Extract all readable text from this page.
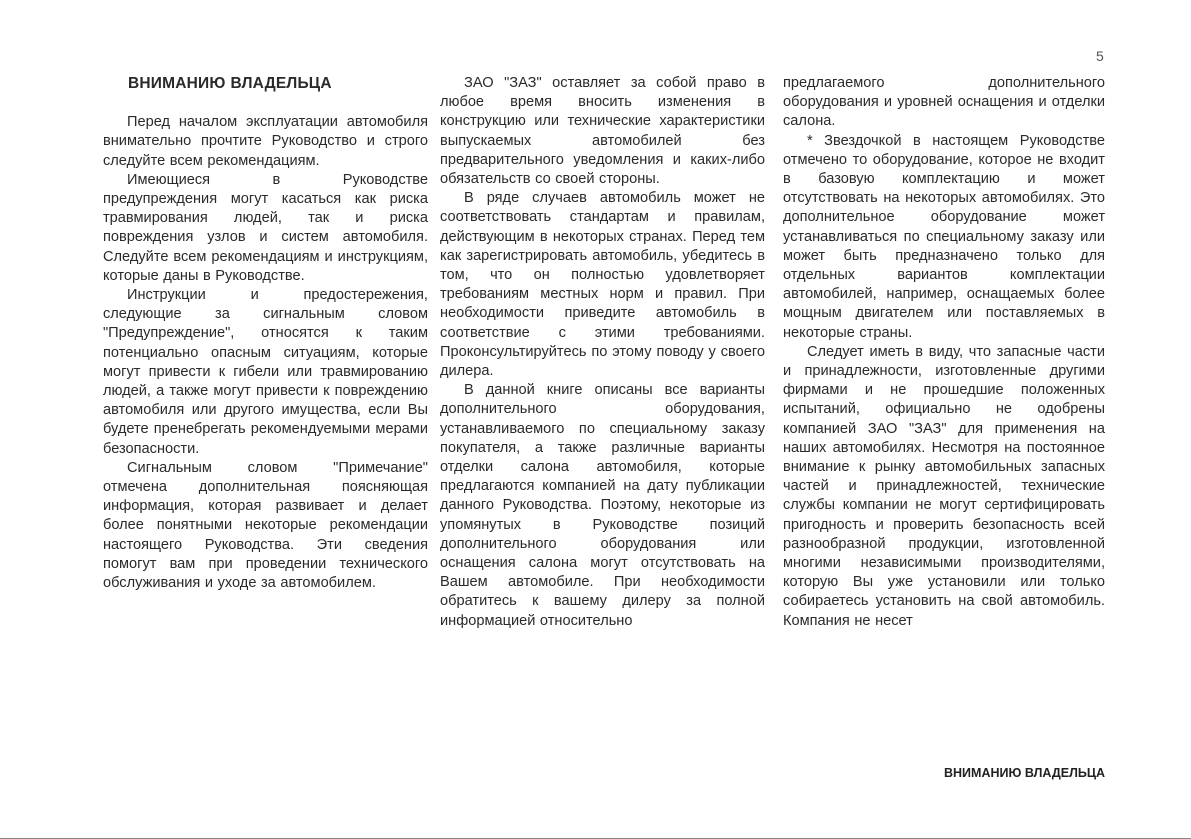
5
ВНИМАНИЮ ВЛАДЕЛЬЦА

Перед началом эксплуатации автомобиля внимательно прочтите Руководство и строго следуйте всем рекомендациям.

Имеющиеся в Руководстве предупреждения могут касаться как риска травмирования людей, так и риска повреждения узлов и систем автомобиля. Следуйте всем рекомендациям и инструкциям, которые даны в Руководстве.

Инструкции и предостережения, следующие за сигнальным словом "Предупреждение", относятся к таким потенциально опасным ситуациям, которые могут привести к гибели или травмированию людей, а также могут привести к повреждению автомобиля или другого имущества, если Вы будете пренебрегать рекомендуемыми мерами безопасности.

Сигнальным словом "Примечание" отмечена дополнительная поясняющая информация, которая развивает и делает более понятными некоторые рекомендации настоящего Руководства. Эти сведения помогут вам при проведении технического обслуживания и уходе за автомобилем.

ЗАО "ЗАЗ" оставляет за собой право в любое время вносить изменения в конструкцию или технические характеристики выпускаемых автомобилей без предварительного уведомления и каких-либо обязательств со своей стороны.

В ряде случаев автомобиль может не соответствовать стандартам и правилам, действующим в некоторых странах. Перед тем как зарегистрировать автомобиль, убедитесь в том, что он полностью удовлетворяет требованиям местных норм и правил. При необходимости приведите автомобиль в соответствие с этими требованиями. Проконсультируйтесь по этому поводу у своего дилера.

В данной книге описаны все варианты дополнительного оборудования, устанавливаемого по специальному заказу покупателя, а также различные варианты отделки салона автомобиля, которые предлагаются компанией на дату публикации данного Руководства. Поэтому, некоторые из упомянутых в Руководстве позиций дополнительного оборудования или оснащения салона могут отсутствовать на Вашем автомобиле. При необходимости обратитесь к вашему дилеру за полной информацией относительно

предлагаемого дополнительного оборудования и уровней оснащения и отделки салона.

* Звездочкой в настоящем Руководстве отмечено то оборудование, которое не входит в базовую комплектацию и может отсутствовать на некоторых автомобилях. Это дополнительное оборудование может устанавливаться по специальному заказу или может быть предназначено только для отдельных вариантов комплектации автомобилей, например, оснащаемых более мощным двигателем или поставляемых в некоторые страны.

Следует иметь в виду, что запасные части и принадлежности, изготовленные другими фирмами и не прошедшие положенных испытаний, официально не одобрены компанией ЗАО "ЗАЗ" для применения на наших автомобилях. Несмотря на постоянное внимание к рынку автомобильных запасных частей и принадлежностей, технические службы компании не могут сертифицировать пригодность и проверить безопасность всей разнообразной продукции, изготовленной многими независимыми производителями, которую Вы уже установили или только собираетесь установить на свой автомобиль. Компания не несет

ВНИМАНИЮ ВЛАДЕЛЬЦА
